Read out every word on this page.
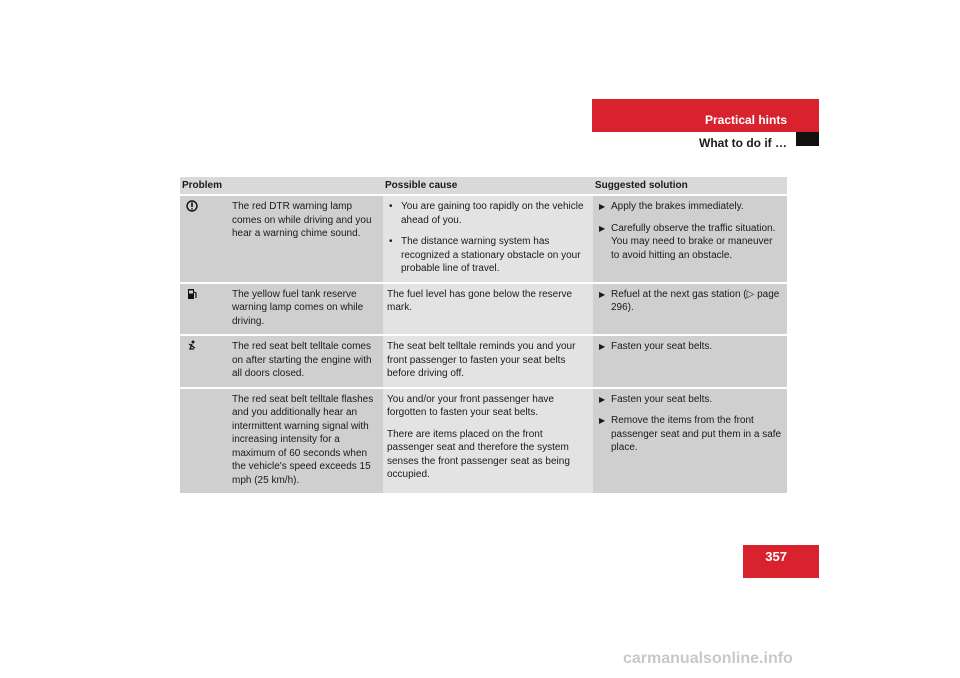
Practical hints
What to do if …
Problem	Possible cause	Suggested solution
The red DTR warning lamp comes on while driving and you hear a warning chime sound.
• You are gaining too rapidly on the vehicle ahead of you.
• The distance warning system has recognized a stationary obstacle on your probable line of travel.
▶ Apply the brakes immediately.
▶ Carefully observe the traffic situation. You may need to brake or maneuver to avoid hitting an obstacle.
The yellow fuel tank reserve warning lamp comes on while driving.

The fuel level has gone below the reserve mark.

▶ Refuel at the next gas station (▷ page 296).
The red seat belt telltale comes on after starting the engine with all doors closed.

The seat belt telltale reminds you and your front passenger to fasten your seat belts before driving off.

▶ Fasten your seat belts.
The red seat belt telltale flashes and you additionally hear an intermittent warning signal with increasing intensity for a maximum of 60 seconds when the vehicle's speed exceeds 15 mph (25 km/h).

You and/or your front passenger have forgotten to fasten your seat belts.

There are items placed on the front passenger seat and therefore the system senses the front passenger seat as being occupied.

▶ Fasten your seat belts.
▶ Remove the items from the front passenger seat and put them in a safe place.
357
carmanualsonline.info
